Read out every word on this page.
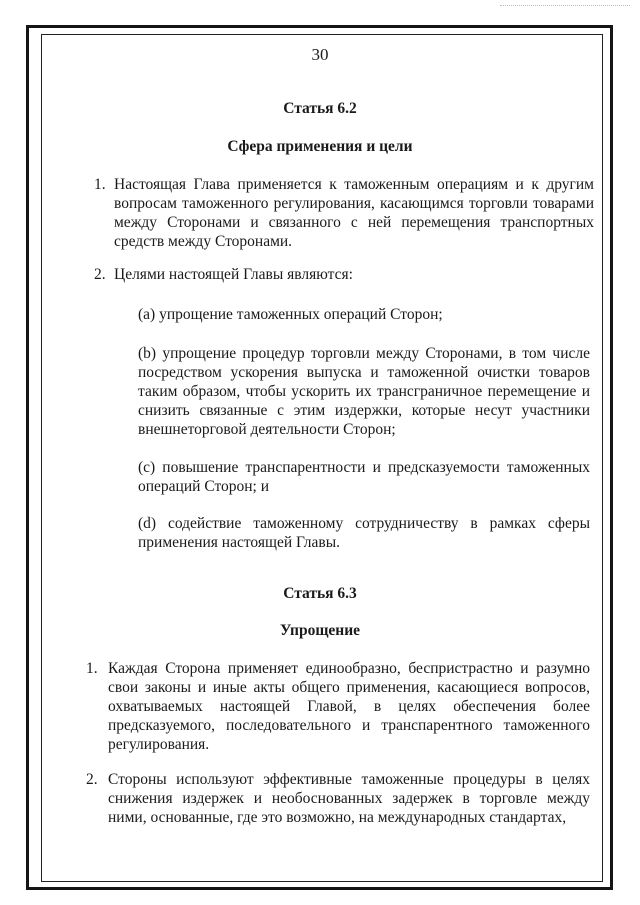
30
Статья 6.2
Сфера применения и цели
1. Настоящая Глава применяется к таможенным операциям и к другим вопросам таможенного регулирования, касающимся торговли товарами между Сторонами и связанного с ней перемещения транспортных средств между Сторонами.
2. Целями настоящей Главы являются:
(a) упрощение таможенных операций Сторон;
(b) упрощение процедур торговли между Сторонами, в том числе посредством ускорения выпуска и таможенной очистки товаров таким образом, чтобы ускорить их трансграничное перемещение и снизить связанные с этим издержки, которые несут участники внешнеторговой деятельности Сторон;
(c) повышение транспарентности и предсказуемости таможенных операций Сторон; и
(d) содействие таможенному сотрудничеству в рамках сферы применения настоящей Главы.
Статья 6.3
Упрощение
1. Каждая Сторона применяет единообразно, беспристрастно и разумно свои законы и иные акты общего применения, касающиеся вопросов, охватываемых настоящей Главой, в целях обеспечения более предсказуемого, последовательного и транспарентного таможенного регулирования.
2. Стороны используют эффективные таможенные процедуры в целях снижения издержек и необоснованных задержек в торговле между ними, основанные, где это возможно, на международных стандартах,
